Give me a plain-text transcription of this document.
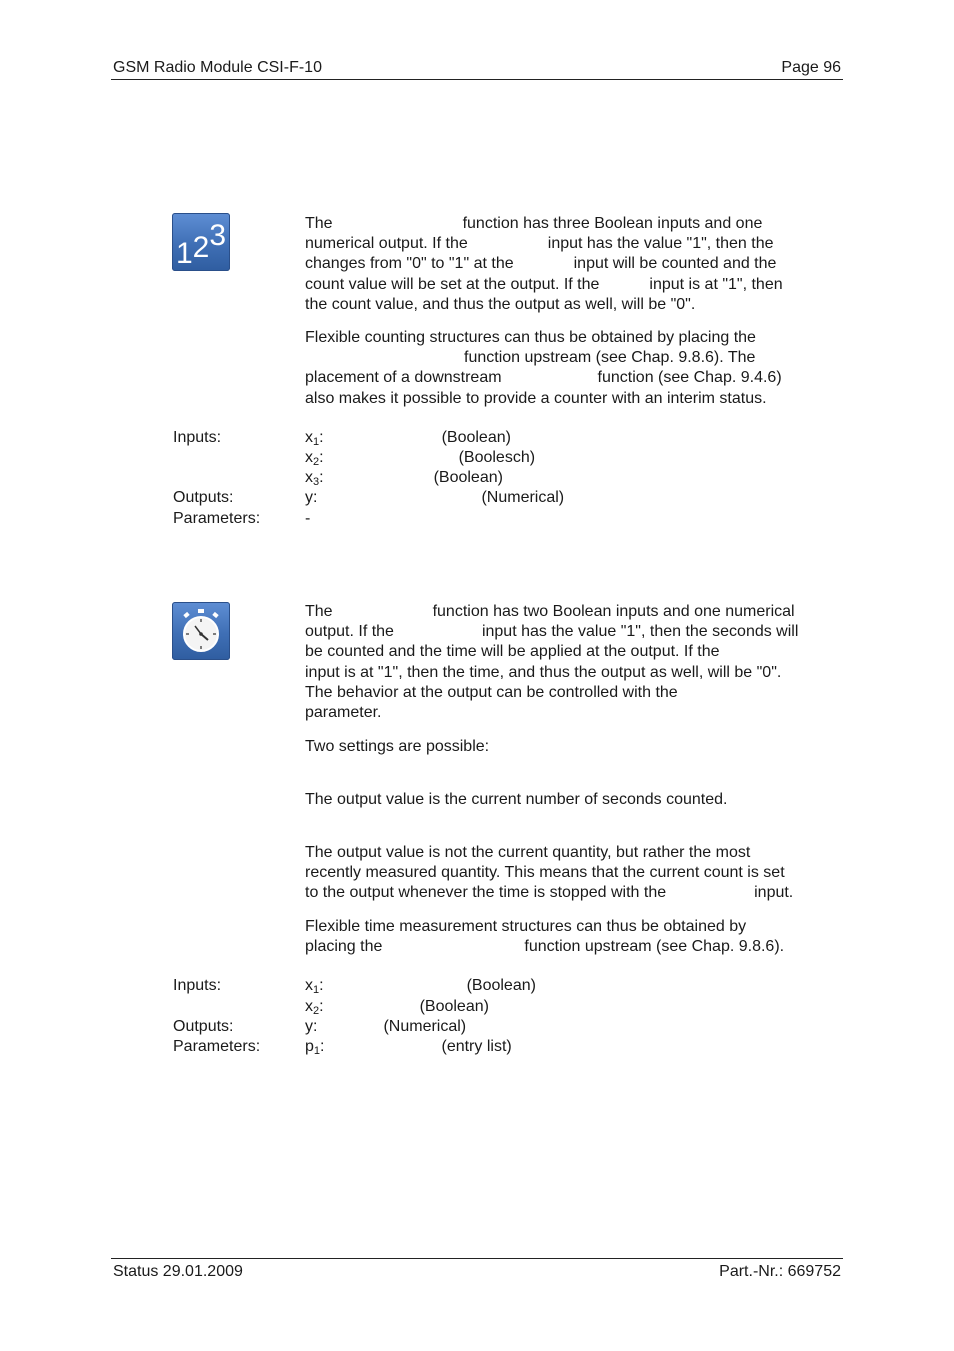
GSM Radio Module CSI-F-10	Page 96
123	The	function has three Boolean inputs and one
numerical output. If the	input has the value "1", then the
changes from "0" to "1" at the	input will be counted and the
count value will be set at the output. If the	input is at "1", then
the count value, and thus the output as well, will be "0".
Flexible counting structures can thus be obtained by placing the
function upstream (see Chap. 9.8.6). The
placement of a downstream	function (see Chap. 9.4.6)
also makes it possible to provide a counter with an interim status.
Inputs:	$x_1$:	(Boolean)
$x_2$:	(Boolesch)
$x_3$:	(Boolean)
Outputs:	y:	(Numerical)
Parameters:	-
The	function has two Boolean inputs and one numerical
output. If the	input has the value "1", then the seconds will
be counted and the time will be applied at the output. If the
input is at "1", then the time, and thus the output as well, will be "0".
The behavior at the output can be controlled with the
parameter.
Two settings are possible:
The output value is the current number of seconds counted.
The output value is not the current quantity, but rather the most
recently measured quantity. This means that the current count is set
to the output whenever the time is stopped with the	input.
Flexible time measurement structures can thus be obtained by
placing the	function upstream (see Chap. 9.8.6).
Inputs:	$x_1$:	(Boolean)
$x_2$:	(Boolean)
Outputs:	y:	(Numerical)
Parameters:	$p_1$:	(entry list)
Status 29.01.2009	Part.-Nr.: 669752
